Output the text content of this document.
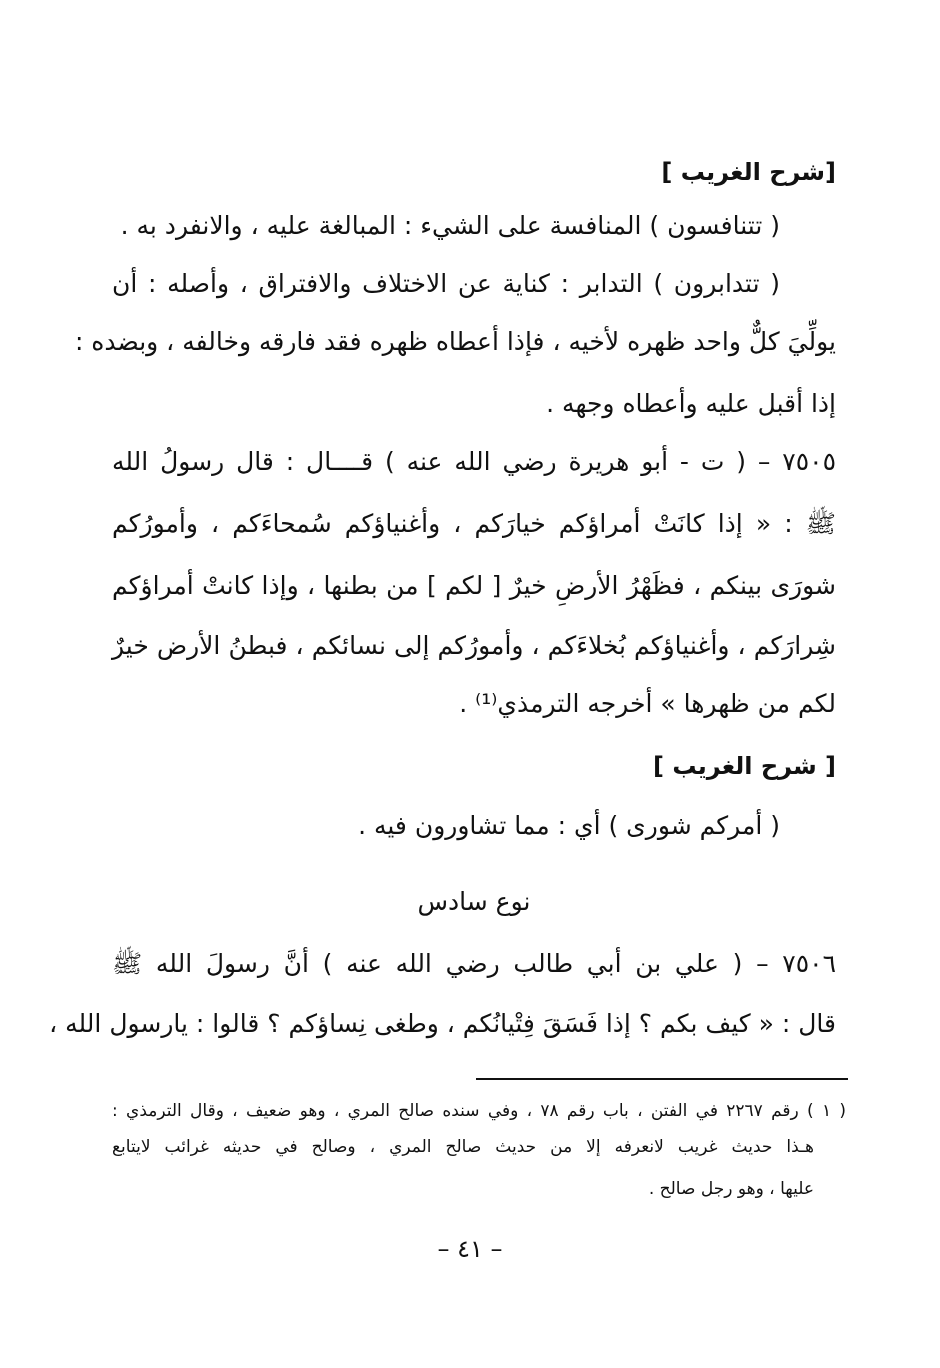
[شرح الغريب ]
( تتنافسون ) المنافسة على الشيء : المبالغة عليه ، والانفرد به .
( تتدابرون ) التدابر : كناية عن الاختلاف والافتراق ، وأصله : أن
يولِّيَ كلٌّ واحد ظهره لأخيه ، فإذا أعطاه ظهره فقد فارقه وخالفه ، وبضده :
إذا أقبل عليه وأعطاه وجهه .
٧٥٠٥ – ( ت - أبو هريرة رضي الله عنه ) قــــال : قال رسولُ الله
ﷺ : « إذا كانَتْ أمراؤكم خيارَكم ، وأغنياؤكم سُمحاءَكم ، وأمورُكم
شورَى بينكم ، فظَهْرُ الأرضِ خيرٌ [ لكم ] من بطنها ، وإذا كانتْ أمراؤكم
شِرارَكم ، وأغنياؤكم بُخلاءَكم ، وأمورُكم إلى نسائكم ، فبطنُ الأرض خيرٌ
لكم من ظهرها » أخرجه الترمذي⁽¹⁾ .
[ شرح الغريب ]
( أمركم شورى ) أي : مما تشاورون فيه .
نوع سادس
٧٥٠٦ – ( علي بن أبي طالب رضي الله عنه ) أنَّ رسولَ الله ﷺ
قال : « كيف بكم ؟ إذا فَسَقَ فِتْيانُكم ، وطغى نِساؤكم ؟ قالوا : يارسول الله ،
( ١ ) رقم ٢٢٦٧ في الفتن ، باب رقم ٧٨ ، وفي سنده صالح المري ، وهو ضعيف ، وقال الترمذي :
هـذا حديث غريب لانعرفه إلا من حديث صالح المري ، وصالح في حديثه غرائب لايتابع
عليها ، وهو رجل صالح .
– ٤١ –
